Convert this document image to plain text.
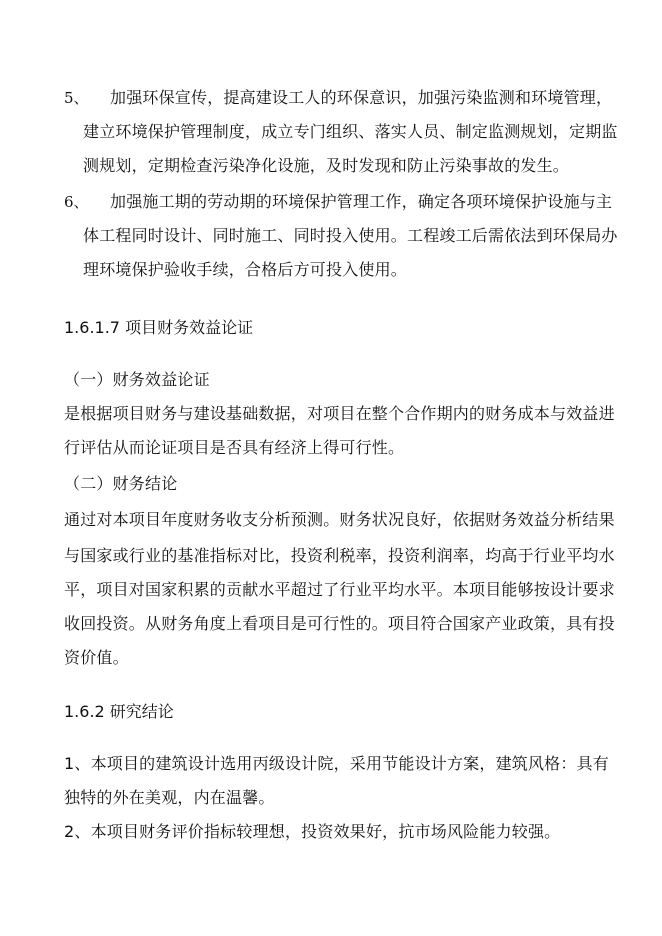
5、 加强环保宣传，提高建设工人的环保意识，加强污染监测和环境管理，
建立环境保护管理制度，成立专门组织、落实人员、制定监测规划，定期监
测规划，定期检查污染净化设施，及时发现和防止污染事故的发生。
6、 加强施工期的劳动期的环境保护管理工作，确定各项环境保护设施与主
体工程同时设计、同时施工、同时投入使用。工程竣工后需依法到环保局办
理环境保护验收手续，合格后方可投入使用。
1.6.1.7 项目财务效益论证
（一）财务效益论证
是根据项目财务与建设基础数据，对项目在整个合作期内的财务成本与效益进
行评估从而论证项目是否具有经济上得可行性。
（二）财务结论
通过对本项目年度财务收支分析预测。财务状况良好，依据财务效益分析结果
与国家或行业的基准指标对比，投资利税率，投资利润率，均高于行业平均水
平，项目对国家积累的贡献水平超过了行业平均水平。本项目能够按设计要求
收回投资。从财务角度上看项目是可行性的。项目符合国家产业政策，具有投
资价值。
1.6.2 研究结论
1、本项目的建筑设计选用丙级设计院，采用节能设计方案，建筑风格：具有
独特的外在美观，内在温馨。
2、本项目财务评价指标较理想，投资效果好，抗市场风险能力较强。
